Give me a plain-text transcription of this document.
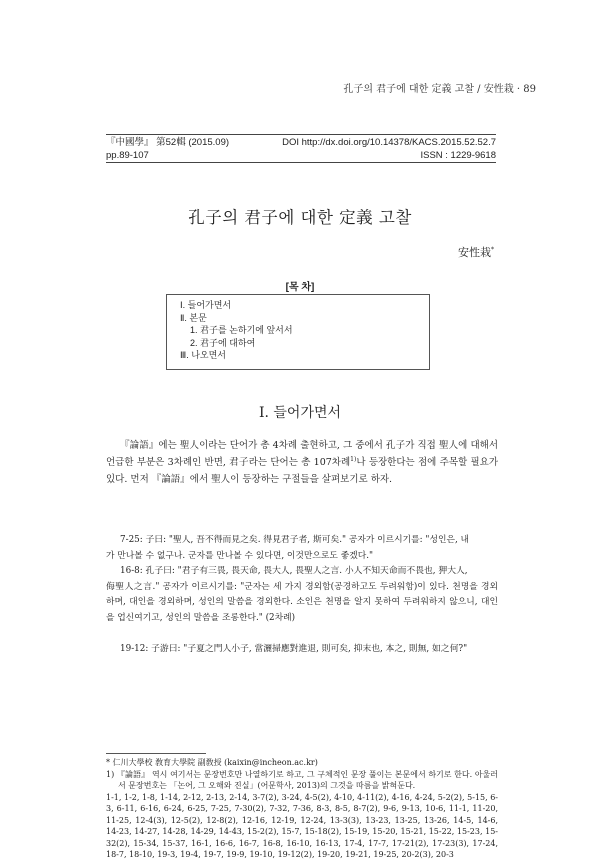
孔子의 君子에 대한 定義 고찰 / 安性栽 · 89
『中國學』 第52輯 (2015.09)	DOI http://dx.doi.org/10.14378/KACS.2015.52.52.7
pp.89-107	ISSN : 1229-9618
孔子의 君子에 대한 定義 고찰
安性栽*
[목 차]
Ⅰ. 들어가면서
Ⅱ. 본문
1. 君子를 논하기에 앞서서
2. 君子에 대하여
Ⅲ. 나오면서
Ⅰ. 들어가면서

『論語』에는 聖人이라는 단어가 총 4차례 출현하고, 그 중에서 孔子가 직접 聖人에 대해서 언급한 부분은 3차례인 반면, 君子라는 단어는 총 107차례$^{1)}$나 등장한다는 점에 주목할 필요가 있다. 먼저 『論語』에서 聖人이 등장하는 구절들을 살펴보기로 하자.

7-25: 子曰: "聖人, 吾不得而見之矣. 得見君子者, 斯可矣." 공자가 이르시기를: "성인은, 내

가 만나볼 수 없구나. 군자를 만나볼 수 있다면, 이것만으로도 좋겠다."

16-8: 孔子曰: "君子有三畏, 畏天命, 畏大人, 畏聖人之言. 小人不知天命而不畏也, 狎大人,

侮聖人之言." 공자가 이르시기를: "군자는 세 가지 경외함(공경하고도 두려워함)이 있다. 천명을 경외하며, 대인을 경외하며, 성인의 말씀을 경외한다. 소인은 천명을 알지 못하여 두려워하지 않으니, 대인을 업신여기고, 성인의 말씀을 조롱한다." (2차례)

19-12: 子游曰: "子夏之門人小子, 當灑掃應對進退, 則可矣, 抑末也, 本之, 則無, 如之何?"

* 仁川大學校 敎育大學院 副敎授 (kaixin@incheon.ac.kr)

1) 『論語』 역시 여기서는 문장번호만 나열하기로 하고, 그 구체적인 문장 풀이는 본문에서 하기로 한다. 아울러서 문장번호는 「논어, 그 오해와 진실」(어문학사, 2013)의 그것을 따름을 밝혀둔다.

1-1, 1-2, 1-8, 1-14, 2-12, 2-13, 2-14, 3-7(2), 3-24, 4-5(2), 4-10, 4-11(2), 4-16, 4-24, 5-2(2), 5-15, 6-3, 6-11, 6-16, 6-24, 6-25, 7-25, 7-30(2), 7-32, 7-36, 8-3, 8-5, 8-7(2), 9-6, 9-13, 10-6, 11-1, 11-20, 11-25, 12-4(3), 12-5(2), 12-8(2), 12-16, 12-19, 12-24, 13-3(3), 13-23, 13-25, 13-26, 14-5, 14-6, 14-23, 14-27, 14-28, 14-29, 14-43, 15-2(2), 15-7, 15-18(2), 15-19, 15-20, 15-21, 15-22, 15-23, 15-32(2), 15-34, 15-37, 16-1, 16-6, 16-7, 16-8, 16-10, 16-13, 17-4, 17-7, 17-21(2), 17-23(3), 17-24, 18-7, 18-10, 19-3, 19-4, 19-7, 19-9, 19-10, 19-12(2), 19-20, 19-21, 19-25, 20-2(3), 20-3
